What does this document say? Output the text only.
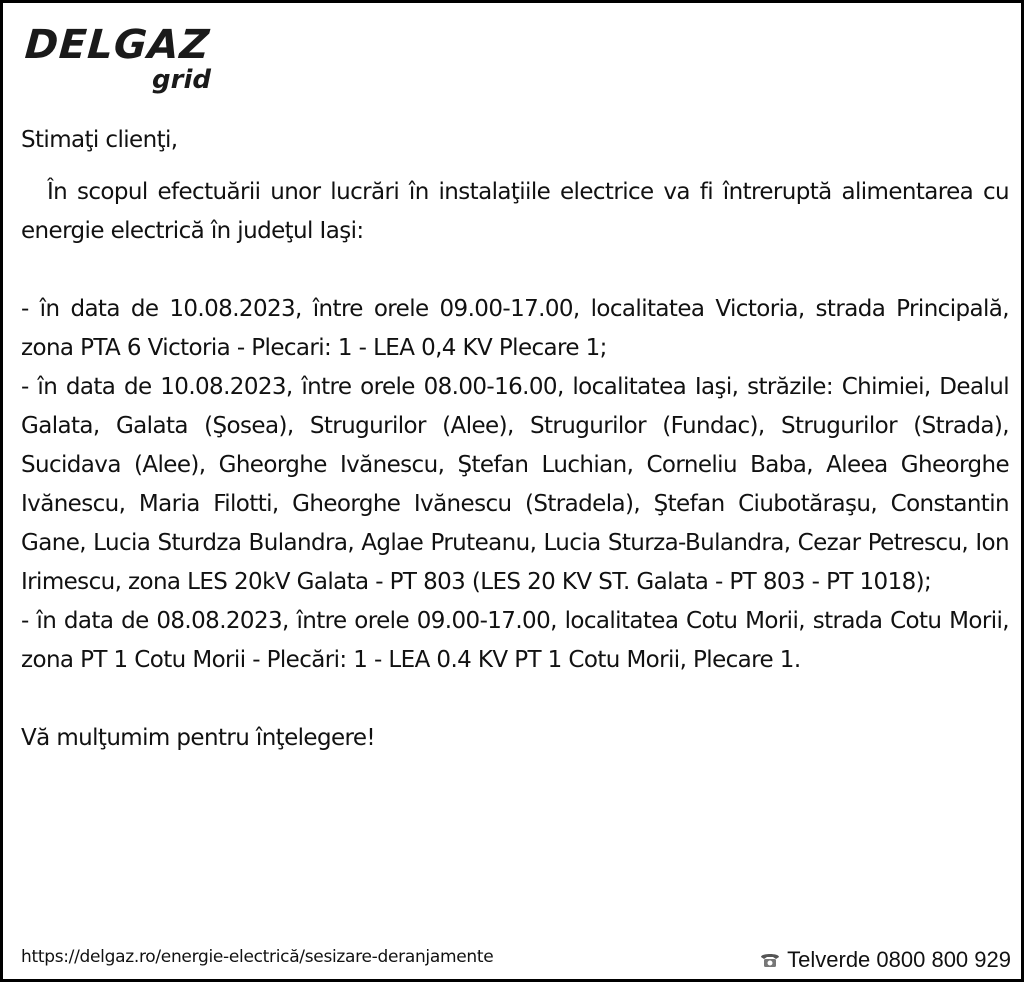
DELGAZ
grid

Stimaţi clienţi,

În scopul efectuării unor lucrări în instalaţiile electrice va fi întreruptă alimentarea cu energie electrică în judeţul Iaşi:

- în data de 10.08.2023, între orele 09.00-17.00, localitatea Victoria, strada Principală, zona PTA 6 Victoria - Plecari: 1 - LEA 0,4 KV Plecare 1;

- în data de 10.08.2023, între orele 08.00-16.00, localitatea Iaşi, străzile: Chimiei, Dealul Galata, Galata (Şosea), Strugurilor (Alee), Strugurilor (Fundac), Strugurilor (Strada), Sucidava (Alee), Gheorghe Ivănescu, Ştefan Luchian, Corneliu Baba, Aleea Gheorghe Ivănescu, Maria Filotti, Gheorghe Ivănescu (Stradela), Ştefan Ciubotăraşu, Constantin Gane, Lucia Sturdza Bulandra, Aglae Pruteanu, Lucia Sturza-Bulandra, Cezar Petrescu, Ion Irimescu, zona LES 20kV Galata - PT 803 (LES 20 KV ST. Galata - PT 803 - PT 1018);

- în data de 08.08.2023, între orele 09.00-17.00, localitatea Cotu Morii, strada Cotu Morii, zona PT 1 Cotu Morii - Plecări: 1 - LEA 0.4 KV PT 1 Cotu Morii, Plecare 1.

Vă mulţumim pentru înţelegere!

https://delgaz.ro/energie-electrică/sesizare-deranjamente	Telverde 0800 800 929
